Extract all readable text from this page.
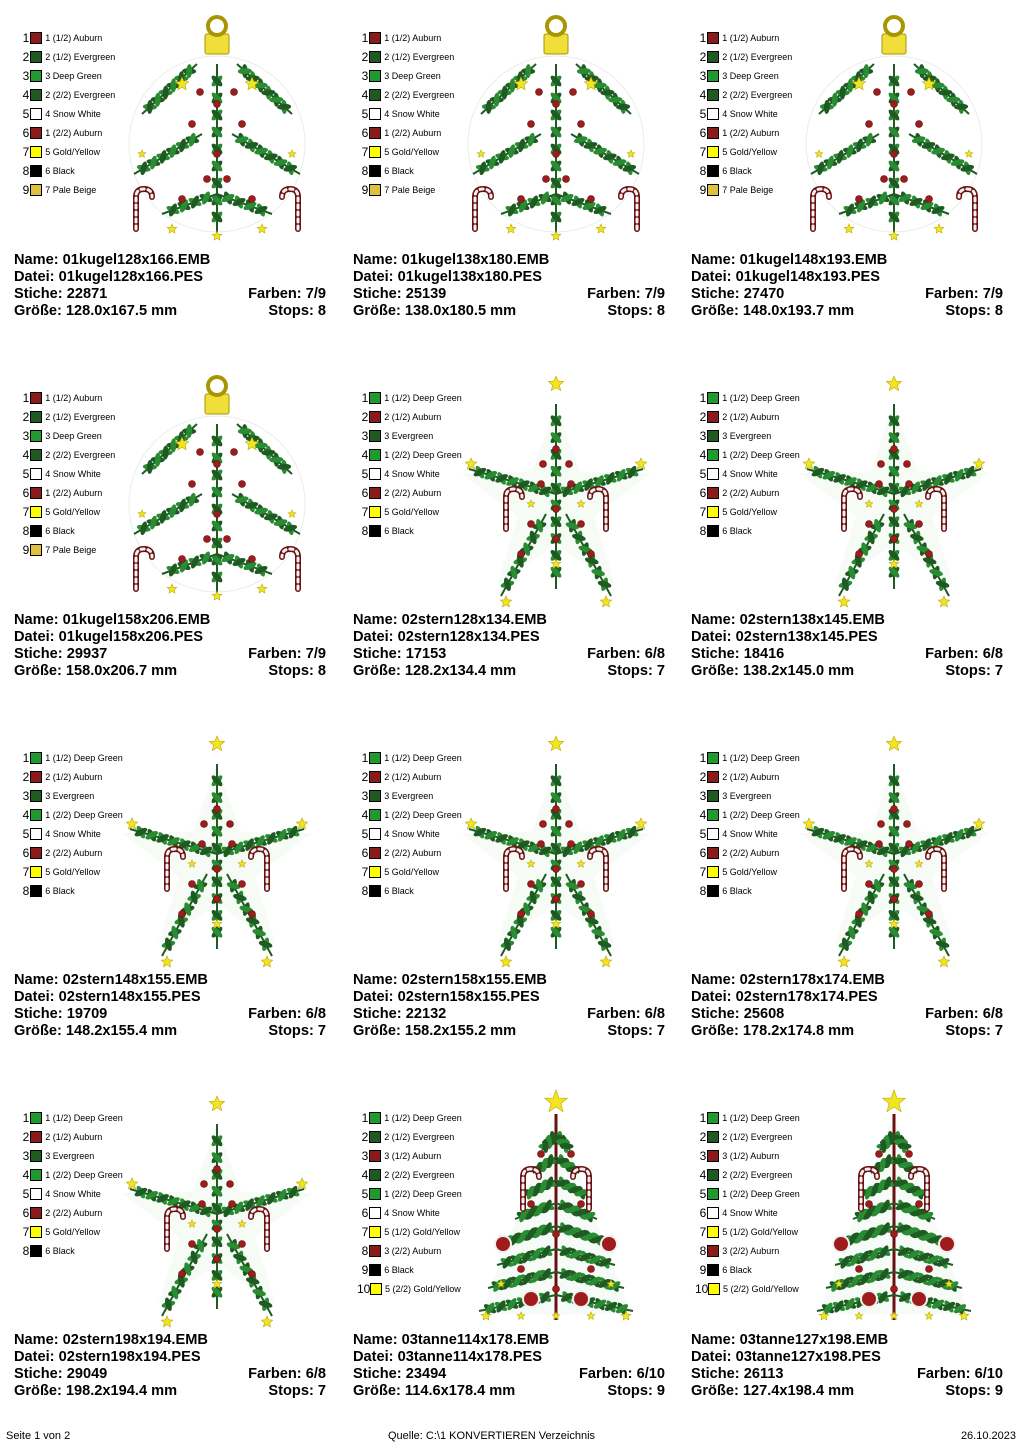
1 1 (1/2) Auburn
2 2 (1/2) Evergreen
3 3 Deep Green
4 2 (2/2) Evergreen
5 4 Snow White
6 1 (2/2) Auburn
7 5 Gold/Yellow
8 6 Black
9 7 Pale Beige
Name: 01kugel128x166.EMB
Datei: 01kugel128x166.PES
Stiche: 22871	Farben: 7/9
Größe: 128.0x167.5 mm	Stops: 8
1 1 (1/2) Auburn
2 2 (1/2) Evergreen
3 3 Deep Green
4 2 (2/2) Evergreen
5 4 Snow White
6 1 (2/2) Auburn
7 5 Gold/Yellow
8 6 Black
9 7 Pale Beige
Name: 01kugel138x180.EMB
Datei: 01kugel138x180.PES
Stiche: 25139	Farben: 7/9
Größe: 138.0x180.5 mm	Stops: 8
1 1 (1/2) Auburn
2 2 (1/2) Evergreen
3 3 Deep Green
4 2 (2/2) Evergreen
5 4 Snow White
6 1 (2/2) Auburn
7 5 Gold/Yellow
8 6 Black
9 7 Pale Beige
Name: 01kugel148x193.EMB
Datei: 01kugel148x193.PES
Stiche: 27470	Farben: 7/9
Größe: 148.0x193.7 mm	Stops: 8
1 1 (1/2) Auburn
2 2 (1/2) Evergreen
3 3 Deep Green
4 2 (2/2) Evergreen
5 4 Snow White
6 1 (2/2) Auburn
7 5 Gold/Yellow
8 6 Black
9 7 Pale Beige
Name: 01kugel158x206.EMB
Datei: 01kugel158x206.PES
Stiche: 29937	Farben: 7/9
Größe: 158.0x206.7 mm	Stops: 8
1 1 (1/2) Deep Green
2 2 (1/2) Auburn
3 3 Evergreen
4 1 (2/2) Deep Green
5 4 Snow White
6 2 (2/2) Auburn
7 5 Gold/Yellow
8 6 Black
Name: 02stern128x134.EMB
Datei: 02stern128x134.PES
Stiche: 17153	Farben: 6/8
Größe: 128.2x134.4 mm	Stops: 7
1 1 (1/2) Deep Green
2 2 (1/2) Auburn
3 3 Evergreen
4 1 (2/2) Deep Green
5 4 Snow White
6 2 (2/2) Auburn
7 5 Gold/Yellow
8 6 Black
Name: 02stern138x145.EMB
Datei: 02stern138x145.PES
Stiche: 18416	Farben: 6/8
Größe: 138.2x145.0 mm	Stops: 7
1 1 (1/2) Deep Green
2 2 (1/2) Auburn
3 3 Evergreen
4 1 (2/2) Deep Green
5 4 Snow White
6 2 (2/2) Auburn
7 5 Gold/Yellow
8 6 Black
Name: 02stern148x155.EMB
Datei: 02stern148x155.PES
Stiche: 19709	Farben: 6/8
Größe: 148.2x155.4 mm	Stops: 7
1 1 (1/2) Deep Green
2 2 (1/2) Auburn
3 3 Evergreen
4 1 (2/2) Deep Green
5 4 Snow White
6 2 (2/2) Auburn
7 5 Gold/Yellow
8 6 Black
Name: 02stern158x155.EMB
Datei: 02stern158x155.PES
Stiche: 22132	Farben: 6/8
Größe: 158.2x155.2 mm	Stops: 7
1 1 (1/2) Deep Green
2 2 (1/2) Auburn
3 3 Evergreen
4 1 (2/2) Deep Green
5 4 Snow White
6 2 (2/2) Auburn
7 5 Gold/Yellow
8 6 Black
Name: 02stern178x174.EMB
Datei: 02stern178x174.PES
Stiche: 25608	Farben: 6/8
Größe: 178.2x174.8 mm	Stops: 7
1 1 (1/2) Deep Green
2 2 (1/2) Auburn
3 3 Evergreen
4 1 (2/2) Deep Green
5 4 Snow White
6 2 (2/2) Auburn
7 5 Gold/Yellow
8 6 Black
Name: 02stern198x194.EMB
Datei: 02stern198x194.PES
Stiche: 29049	Farben: 6/8
Größe: 198.2x194.4 mm	Stops: 7
1 1 (1/2) Deep Green
2 2 (1/2) Evergreen
3 3 (1/2) Auburn
4 2 (2/2) Evergreen
5 1 (2/2) Deep Green
6 4 Snow White
7 5 (1/2) Gold/Yellow
8 3 (2/2) Auburn
9 6 Black
10 5 (2/2) Gold/Yellow
Name: 03tanne114x178.EMB
Datei: 03tanne114x178.PES
Stiche: 23494	Farben: 6/10
Größe: 114.6x178.4 mm	Stops: 9
1 1 (1/2) Deep Green
2 2 (1/2) Evergreen
3 3 (1/2) Auburn
4 2 (2/2) Evergreen
5 1 (2/2) Deep Green
6 4 Snow White
7 5 (1/2) Gold/Yellow
8 3 (2/2) Auburn
9 6 Black
10 5 (2/2) Gold/Yellow
Name: 03tanne127x198.EMB
Datei: 03tanne127x198.PES
Stiche: 26113	Farben: 6/10
Größe: 127.4x198.4 mm	Stops: 9
Seite 1 von 2	Quelle: C:\1 KONVERTIEREN Verzeichnis	26.10.2023
